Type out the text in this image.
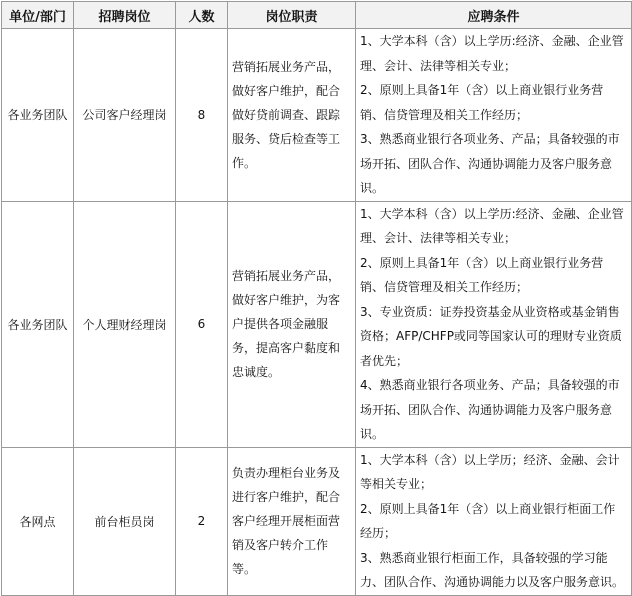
单位/部门	招聘岗位	人数	岗位职责	应聘条件
各业务团队	公司客户经理岗	8	营销拓展业务产品，做好客户维护，配合做好贷前调查、跟踪服务、贷后检查等工作。	1、大学本科（含）以上学历:经济、金融、企业管理、会计、法律等相关专业；
2、原则上具备1年（含）以上商业银行业务营销、信贷管理及相关工作经历；
3、熟悉商业银行各项业务、产品；具备较强的市场开拓、团队合作、沟通协调能力及客户服务意识。

各业务团队	个人理财经理岗	6	营销拓展业务产品，做好客户维护，为客户提供各项金融服务，提高客户黏度和忠诚度。	1、大学本科（含）以上学历:经济、金融、企业管理、会计、法律等相关专业；
2、原则上具备1年（含）以上商业银行业务营销、信贷管理及相关工作经历；
3、专业资质：证券投资基金从业资格或基金销售资格；AFP/CHFP或同等国家认可的理财专业资质者优先；
4、熟悉商业银行各项业务、产品；具备较强的市场开拓、团队合作、沟通协调能力及客户服务意识。

各网点	前台柜员岗	2	负责办理柜台业务及进行客户维护，配合客户经理开展柜面营销及客户转介工作等。	1、大学本科（含）以上学历；经济、金融、会计等相关专业；
2、原则上具备1年（含）以上商业银行柜面工作经历；
3、熟悉商业银行柜面工作，具备较强的学习能力、团队合作、沟通协调能力以及客户服务意识。
